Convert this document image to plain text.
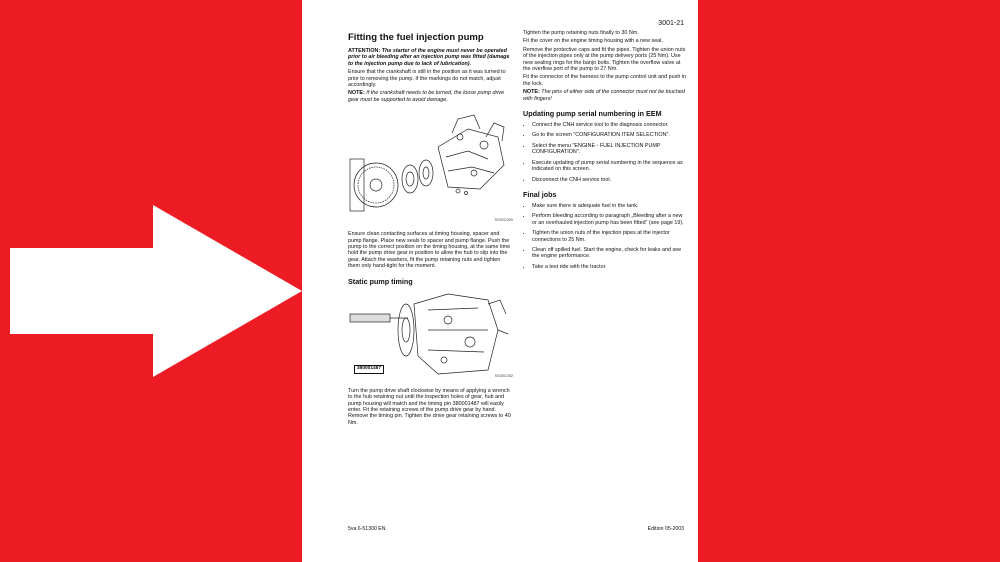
3001-21
Fitting the fuel injection pump

ATTENTION: The starter of the engine must never be operated prior to air bleeding after an injection pump was fitted (damage to the injection pump due to lack of lubrication).

Ensure that the crankshaft is still in the position as it was turned to prior to removing the pump. If the markings do not match, adjust accordingly.

NOTE: If the crankshaft needs to be turned, the loose pump drive gear must be supported to avoid damage.

SS02C009

Ensure clean contacting surfaces at timing housing, spacer and pump flange. Place new seals to spacer and pump flange. Push the pump to the correct position on the timing housing, at the same time hold the pump drive gear in position to allow the hub to slip into the gear. Attach the washers, fit the pump retaining nuts and tighten them only hand-tight for the moment.

Static pump timing
380001487
SS05C052

Turn the pump drive shaft clockwise by means of applying a wrench to the hub retaining nut until the inspection holes of gear, hub and pump housing will match and the timing pin 380001487 will easily enter. Fit the retaining screws of the pump drive gear by hand. Remove the timing pin. Tighten the drive gear retaining screws to 40 Nm.

Tighten the pump retaining nuts finally to 30 Nm.

Fit the cover on the engine timing housing with a new seal.

Remove the protective caps and fit the pipes. Tighten the union nuts of the injection pipes only at the pump delivery ports (25 Nm). Use new sealing rings for the banjo bolts. Tighten the overflow valve at the overflow port of the pump to 27 Nm.

Fit the connector of the harness to the pump control unit and push in the lock.

NOTE: The pins of either side of the connector must not be touched with fingers!

Updating pump serial numbering in EEM
• Connect the CNH service tool to the diagnosis connector.
• Go to the screen "CONFIGURATION ITEM SELECTION".
• Select the menu "ENGINE - FUEL INJECTION PUMP CONFIGURATION".
• Execute updating of pump serial numbering in the sequence as indicated on this screen.
• Disconnect the CNH service tool.
Final jobs
• Make sure there is adequate fuel in the tank.
• Perform bleeding according to paragraph „Bleeding after a new or an overhauled injection pump has been fitted“ (see page 19).
• Tighten the union nuts of the injection pipes at the injector connections to 25 Nm.
• Clean off spilled fuel. Start the engine, check for leaks and see the engine performance.
• Take a test ride with the tractor.
5va 6-51300 EN	Edition 05-2003
